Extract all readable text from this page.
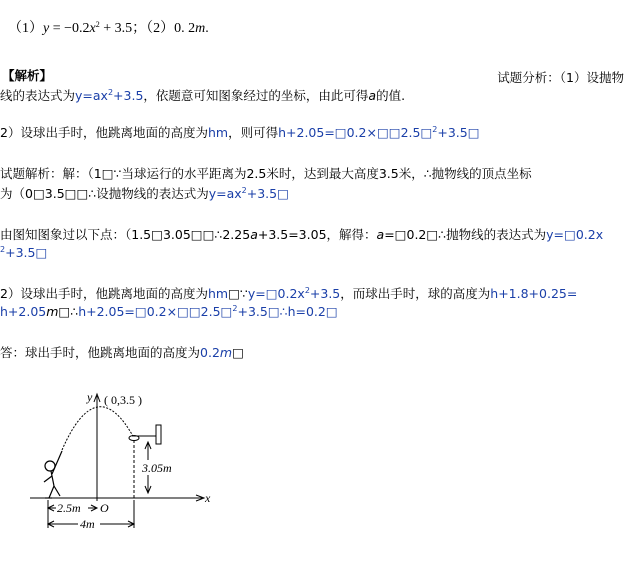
$(1)y = -0.2x^2 + 3.5$；（2）0. 2m.
【解析】	试题分析：（1）设抛物
线的表达式为$y=ax^2+3.5$，依题意可知图象经过的坐标，由此可得a的值.
2）设球出手时，他跳离地面的高度为hm，则可得h+2.05=□0.2×□□2.5□$^2$+3.5□
试题解析：解：（1□∵当球运行的水平距离为2.5米时，达到最大高度3.5米，∴抛物线的顶点坐标
为（0□3.5□□∴设抛物线的表达式为$y=ax^2+3.5□$
由图知图象过以下点：（1.5□3.05□□∴2.25a+3.5=3.05，解得：a=□0.2□∴抛物线的表达式为y=□0.2x
$^2$+3.5□
2）设球出手时，他跳离地面的高度为$hm□\because y=□0.2x^2+3.5$，而球出手时，球的高度为h+1.8+0.25=
h+2.05m□∴h+2.05=□0.2×□□2.5□$^2$+3.5□∴h=0.2□
答：球出手时，他跳离地面的高度为0.2m□
y ( 0,3.5 )
x
O
3.05m
2.5m
4m
